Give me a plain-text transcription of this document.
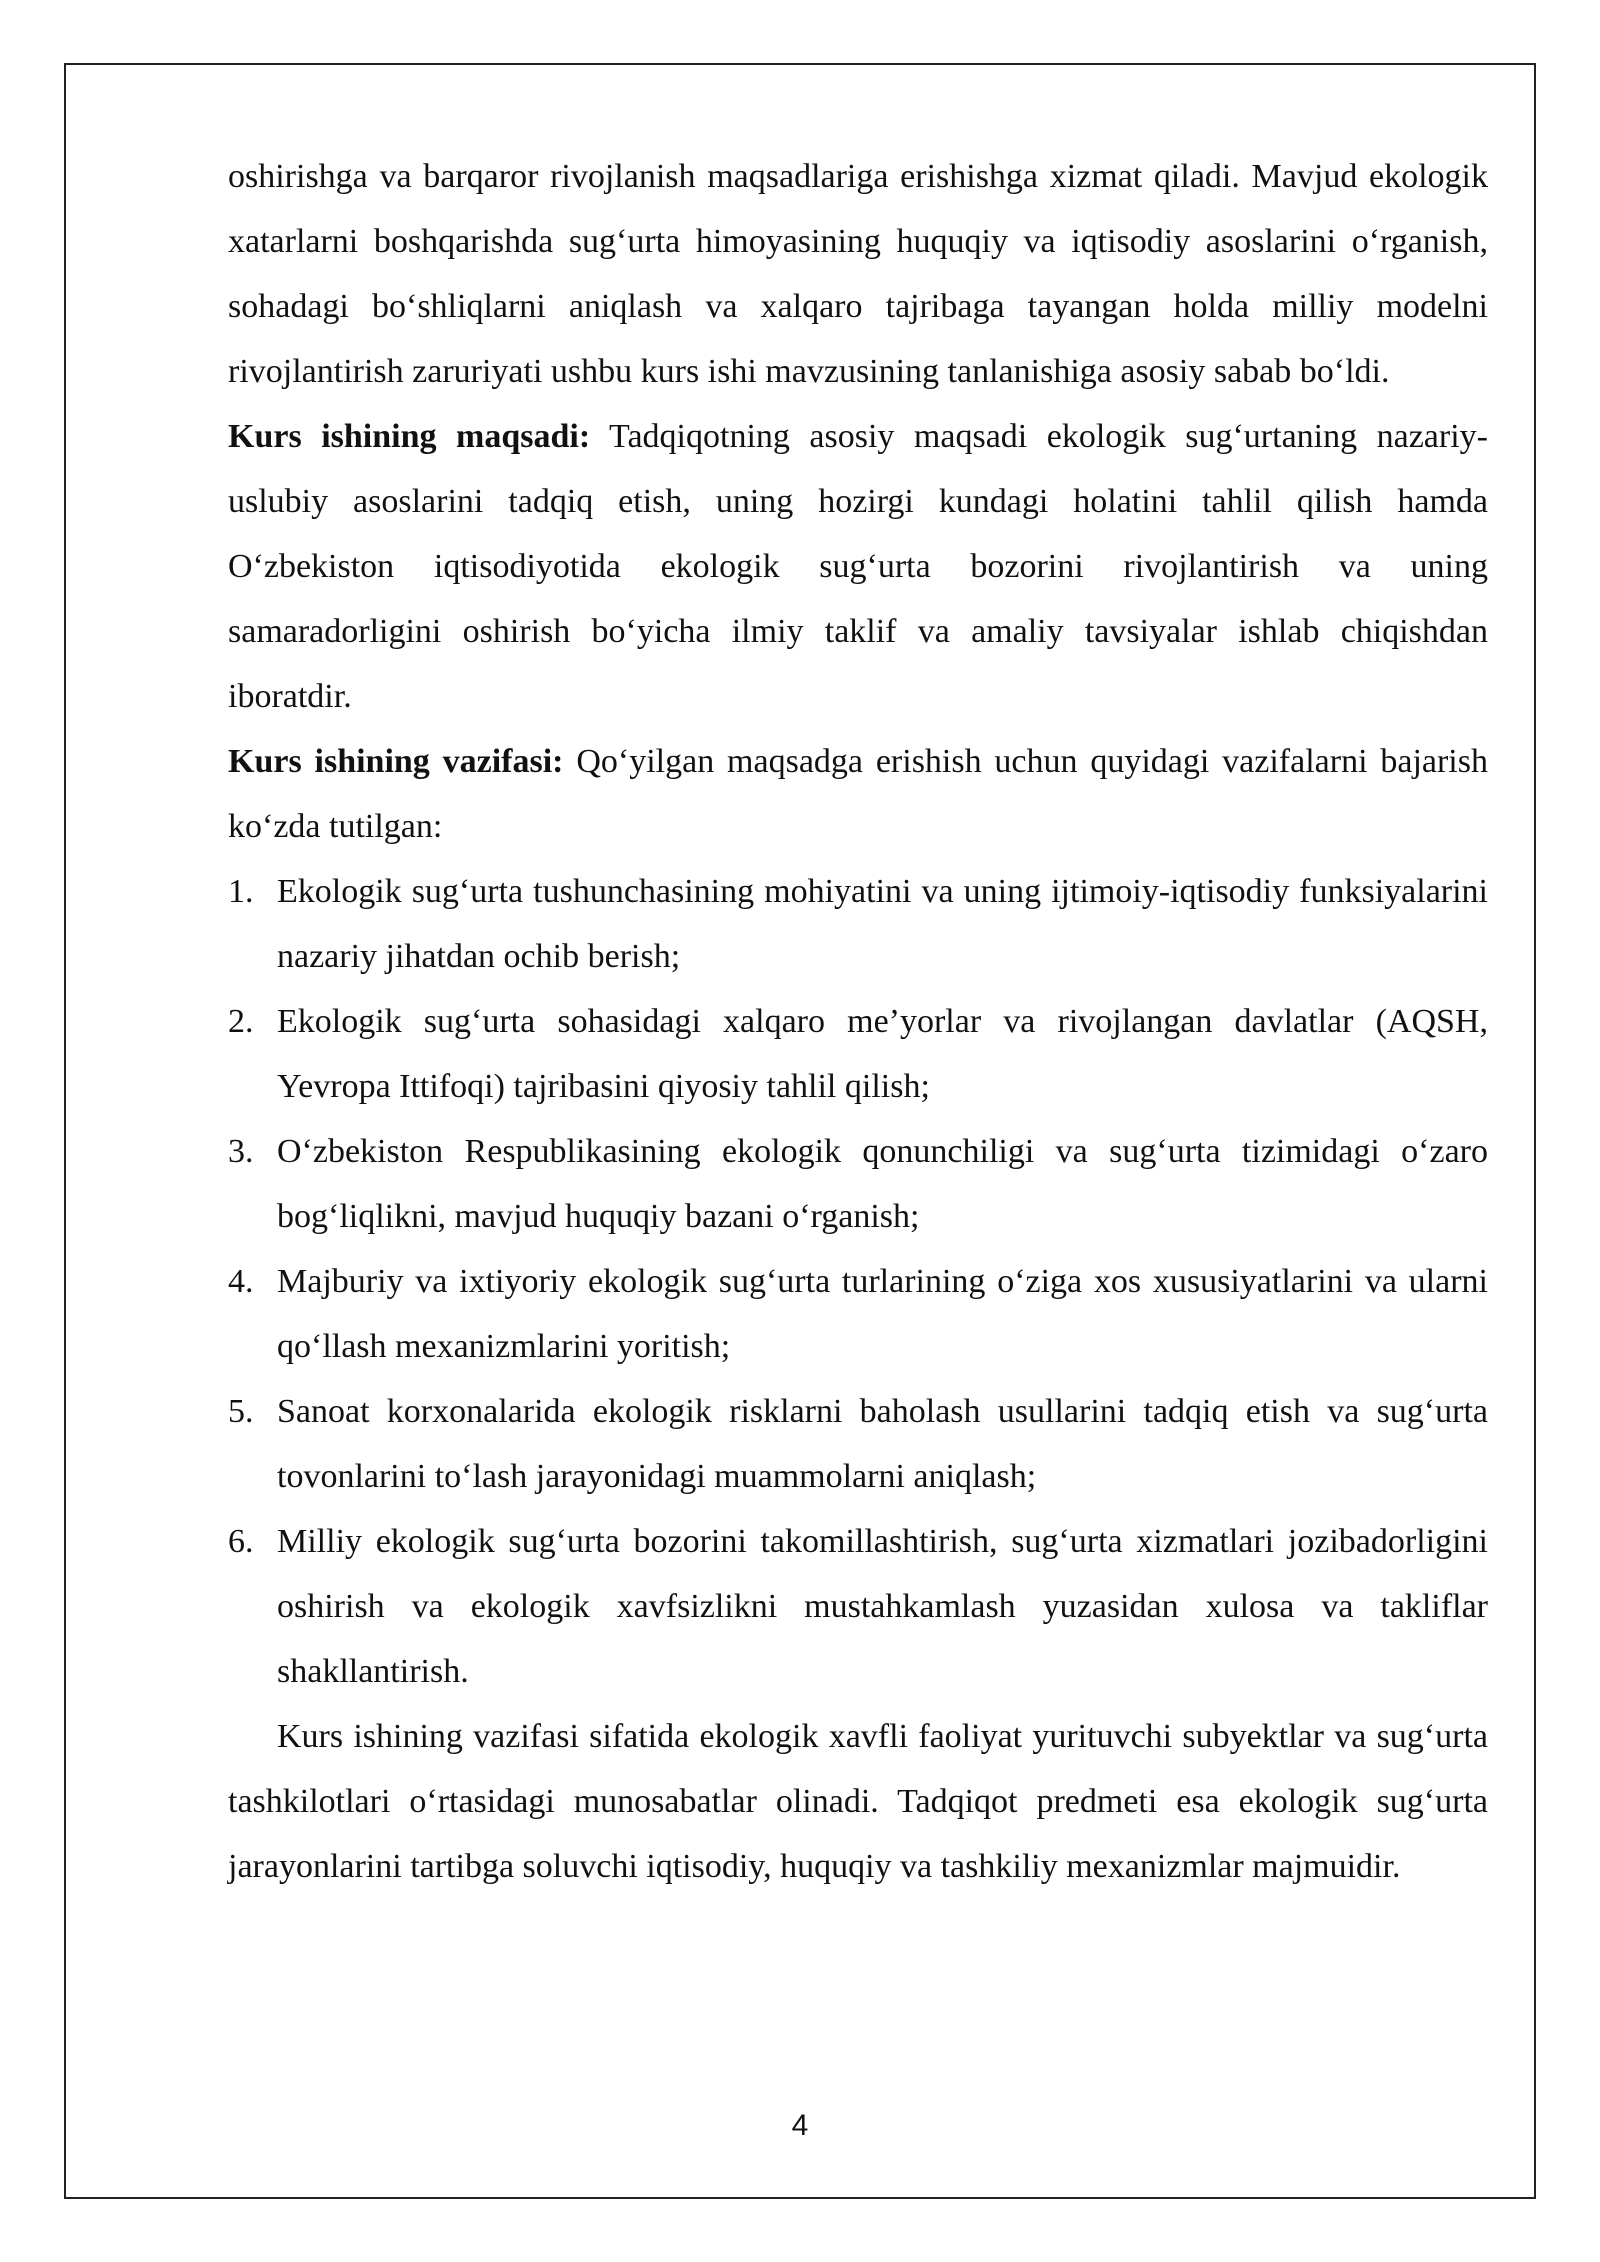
oshirishga va barqaror rivojlanish maqsadlariga erishishga xizmat qiladi. Mavjud ekologik xatarlarni boshqarishda sug‘urta himoyasining huquqiy va iqtisodiy asoslarini o‘rganish, sohadagi bo‘shliqlarni aniqlash va xalqaro tajribaga tayangan holda milliy modelni rivojlantirish zaruriyati ushbu kurs ishi mavzusining tanlanishiga asosiy sabab bo‘ldi.

Kurs ishining maqsadi: Tadqiqotning asosiy maqsadi ekologik sug‘urtaning nazariy-uslubiy asoslarini tadqiq etish, uning hozirgi kundagi holatini tahlil qilish hamda O‘zbekiston iqtisodiyotida ekologik sug‘urta bozorini rivojlantirish va uning samaradorligini oshirish bo‘yicha ilmiy taklif va amaliy tavsiyalar ishlab chiqishdan iboratdir.

Kurs ishining vazifasi: Qo‘yilgan maqsadga erishish uchun quyidagi vazifalarni bajarish ko‘zda tutilgan:

1. Ekologik sug‘urta tushunchasining mohiyatini va uning ijtimoiy-iqtisodiy funksiyalarini nazariy jihatdan ochib berish;
2. Ekologik sug‘urta sohasidagi xalqaro me’yorlar va rivojlangan davlatlar (AQSH, Yevropa Ittifoqi) tajribasini qiyosiy tahlil qilish;
3. O‘zbekiston Respublikasining ekologik qonunchiligi va sug‘urta tizimidagi o‘zaro bog‘liqlikni, mavjud huquqiy bazani o‘rganish;
4. Majburiy va ixtiyoriy ekologik sug‘urta turlarining o‘ziga xos xususiyatlarini va ularni qo‘llash mexanizmlarini yoritish;
5. Sanoat korxonalarida ekologik risklarni baholash usullarini tadqiq etish va sug‘urta tovonlarini to‘lash jarayonidagi muammolarni aniqlash;
6. Milliy ekologik sug‘urta bozorini takomillashtirish, sug‘urta xizmatlari jozibadorligini oshirish va ekologik xavfsizlikni mustahkamlash yuzasidan xulosa va takliflar shakllantirish.

Kurs ishining vazifasi sifatida ekologik xavfli faoliyat yurituvchi subyektlar va sug‘urta tashkilotlari o‘rtasidagi munosabatlar olinadi. Tadqiqot predmeti esa ekologik sug‘urta jarayonlarini tartibga soluvchi iqtisodiy, huquqiy va tashkiliy mexanizmlar majmuidir.

4
